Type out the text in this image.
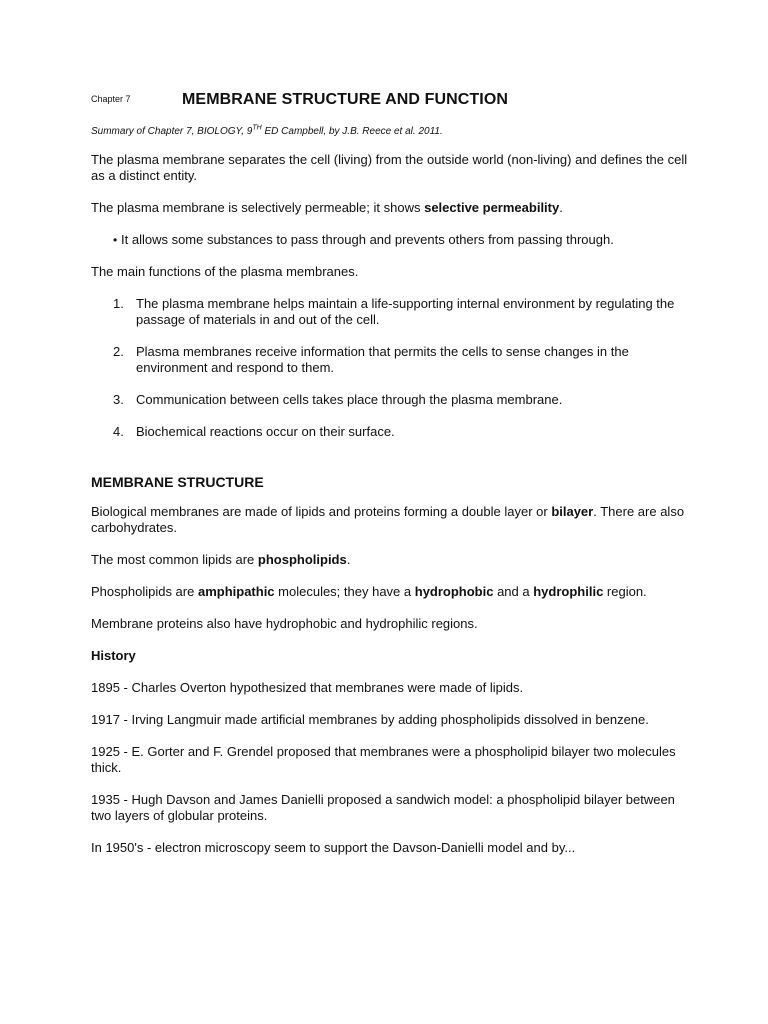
Chapter 7	MEMBRANE STRUCTURE AND FUNCTION

Summary of Chapter 7, BIOLOGY, 9TH ED Campbell, by J.B. Reece et al. 2011.

The plasma membrane separates the cell (living) from the outside world (non-living) and defines the cell as a distinct entity.

The plasma membrane is selectively permeable; it shows selective permeability.

• It allows some substances to pass through and prevents others from passing through.

The main functions of the plasma membranes.

1. The plasma membrane helps maintain a life-supporting internal environment by regulating the passage of materials in and out of the cell.
2. Plasma membranes receive information that permits the cells to sense changes in the environment and respond to them.
3. Communication between cells takes place through the plasma membrane.
4. Biochemical reactions occur on their surface.

MEMBRANE STRUCTURE

Biological membranes are made of lipids and proteins forming a double layer or bilayer. There are also carbohydrates.

The most common lipids are phospholipids.

Phospholipids are amphipathic molecules; they have a hydrophobic and a hydrophilic region.

Membrane proteins also have hydrophobic and hydrophilic regions.

History

1895 - Charles Overton hypothesized that membranes were made of lipids.

1917 - Irving Langmuir made artificial membranes by adding phospholipids dissolved in benzene.

1925 - E. Gorter and F. Grendel proposed that membranes were a phospholipid bilayer two molecules thick.

1935 - Hugh Davson and James Danielli proposed a sandwich model: a phospholipid bilayer between two layers of globular proteins.

In 1950's - electron microscopy seem to support the Davson-Danielli model and by...
